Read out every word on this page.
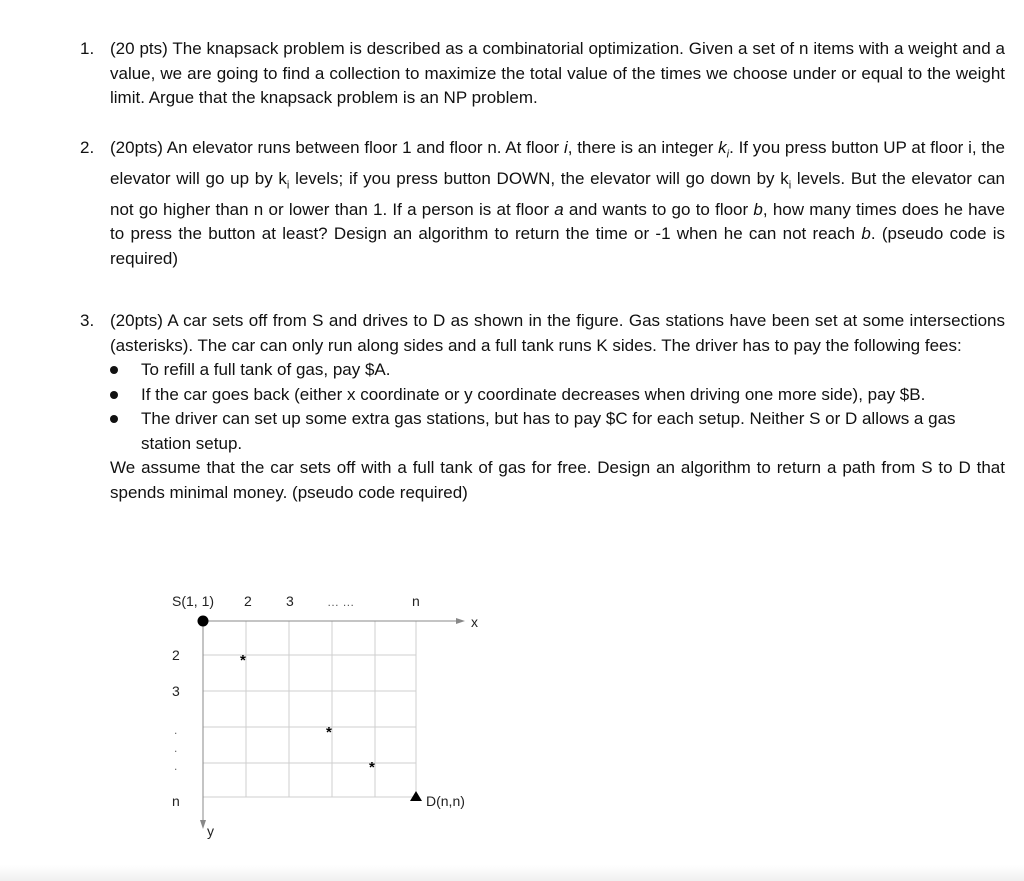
1. (20 pts) The knapsack problem is described as a combinatorial optimization. Given a set of n items with a weight and a value, we are going to find a collection to maximize the total value of the times we choose under or equal to the weight limit. Argue that the knapsack problem is an NP problem.
2. (20pts) An elevator runs between floor 1 and floor n. At floor i, there is an integer $k_i$. If you press button UP at floor i, the elevator will go up by $k_i$ levels; if you press button DOWN, the elevator will go down by $k_i$ levels. But the elevator can not go higher than n or lower than 1. If a person is at floor a and wants to go to floor b, how many times does he have to press the button at least? Design an algorithm to return the time or -1 when he can not reach b. (pseudo code is required)
3. (20pts) A car sets off from S and drives to D as shown in the figure. Gas stations have been set at some intersections (asterisks). The car can only run along sides and a full tank runs K sides. The driver has to pay the following fees:
To refill a full tank of gas, pay $A.
If the car goes back (either x coordinate or y coordinate decreases when driving one more side), pay $B.
The driver can set up some extra gas stations, but has to pay $C for each setup. Neither S or D allows a gas station setup.
We assume that the car sets off with a full tank of gas for free. Design an algorithm to return a path from S to D that spends minimal money. (pseudo code required)
S(1, 1) 2 3	… …	n
x
2
3
.
.
.
n
y
D(n,n)
*
*
*
